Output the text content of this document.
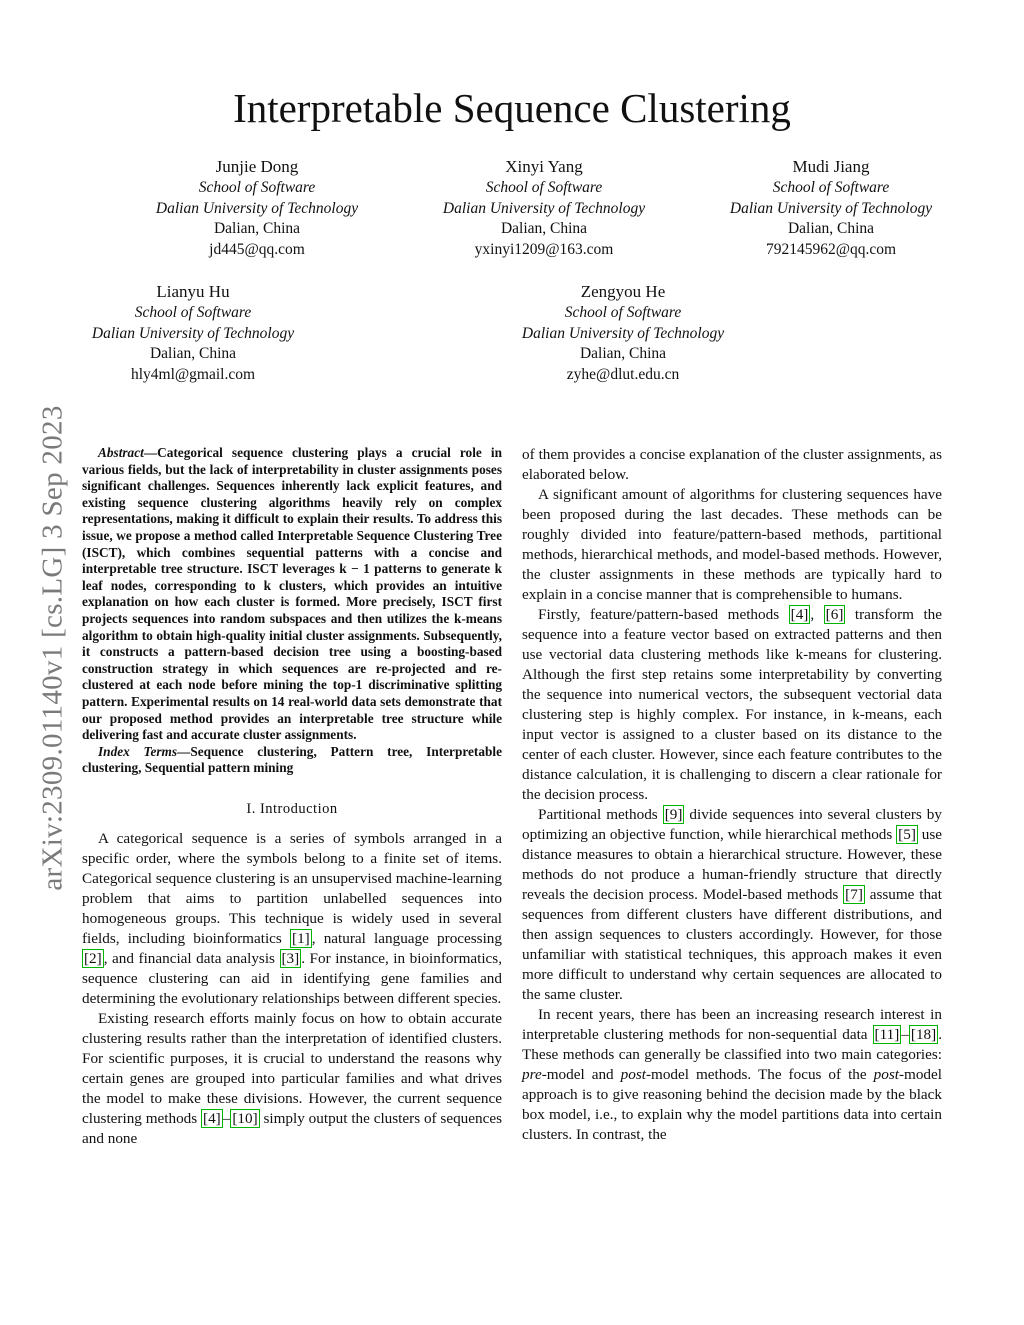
arXiv:2309.01140v1 [cs.LG] 3 Sep 2023
Interpretable Sequence Clustering
Junjie Dong
School of Software
Dalian University of Technology
Dalian, China
jd445@qq.com
Xinyi Yang
School of Software
Dalian University of Technology
Dalian, China
yxinyi1209@163.com
Mudi Jiang
School of Software
Dalian University of Technology
Dalian, China
792145962@qq.com
Lianyu Hu
School of Software
Dalian University of Technology
Dalian, China
hly4ml@gmail.com
Zengyou He
School of Software
Dalian University of Technology
Dalian, China
zyhe@dlut.edu.cn

Abstract—Categorical sequence clustering plays a crucial role in various fields, but the lack of interpretability in cluster assignments poses significant challenges. Sequences inherently lack explicit features, and existing sequence clustering algorithms heavily rely on complex representations, making it difficult to explain their results. To address this issue, we propose a method called Interpretable Sequence Clustering Tree (ISCT), which combines sequential patterns with a concise and interpretable tree structure. ISCT leverages k − 1 patterns to generate k leaf nodes, corresponding to k clusters, which provides an intuitive explanation on how each cluster is formed. More precisely, ISCT first projects sequences into random subspaces and then utilizes the k-means algorithm to obtain high-quality initial cluster assignments. Subsequently, it constructs a pattern-based decision tree using a boosting-based construction strategy in which sequences are re-projected and re-clustered at each node before mining the top-1 discriminative splitting pattern. Experimental results on 14 real-world data sets demonstrate that our proposed method provides an interpretable tree structure while delivering fast and accurate cluster assignments.

Index Terms—Sequence clustering, Pattern tree, Interpretable clustering, Sequential pattern mining

I. Introduction

A categorical sequence is a series of symbols arranged in a specific order, where the symbols belong to a finite set of items. Categorical sequence clustering is an unsupervised machine-learning problem that aims to partition unlabelled sequences into homogeneous groups. This technique is widely used in several fields, including bioinformatics [1] , natural language processing [2] , and financial data analysis [3] . For instance, in bioinformatics, sequence clustering can aid in identifying gene families and determining the evolutionary relationships between different species.

Existing research efforts mainly focus on how to obtain accurate clustering results rather than the interpretation of identified clusters. For scientific purposes, it is crucial to understand the reasons why certain genes are grouped into particular families and what drives the model to make these divisions. However, the current sequence clustering methods [4] – [10] simply output the clusters of sequences and none

of them provides a concise explanation of the cluster assignments, as elaborated below.

A significant amount of algorithms for clustering sequences have been proposed during the last decades. These methods can be roughly divided into feature/pattern-based methods, partitional methods, hierarchical methods, and model-based methods. However, the cluster assignments in these methods are typically hard to explain in a concise manner that is comprehensible to humans.

Firstly, feature/pattern-based methods [4] , [6] transform the sequence into a feature vector based on extracted patterns and then use vectorial data clustering methods like k-means for clustering. Although the first step retains some interpretability by converting the sequence into numerical vectors, the subsequent vectorial data clustering step is highly complex. For instance, in k-means, each input vector is assigned to a cluster based on its distance to the center of each cluster. However, since each feature contributes to the distance calculation, it is challenging to discern a clear rationale for the decision process.

Partitional methods [9] divide sequences into several clusters by optimizing an objective function, while hierarchical methods [5] use distance measures to obtain a hierarchical structure. However, these methods do not produce a human-friendly structure that directly reveals the decision process. Model-based methods [7] assume that sequences from different clusters have different distributions, and then assign sequences to clusters accordingly. However, for those unfamiliar with statistical techniques, this approach makes it even more difficult to understand why certain sequences are allocated to the same cluster.

In recent years, there has been an increasing research interest in interpretable clustering methods for non-sequential data [11] – [18] . These methods can generally be classified into two main categories: pre-model and post-model methods. The focus of the post-model approach is to give reasoning behind the decision made by the black box model, i.e., to explain why the model partitions data into certain clusters. In contrast, the
